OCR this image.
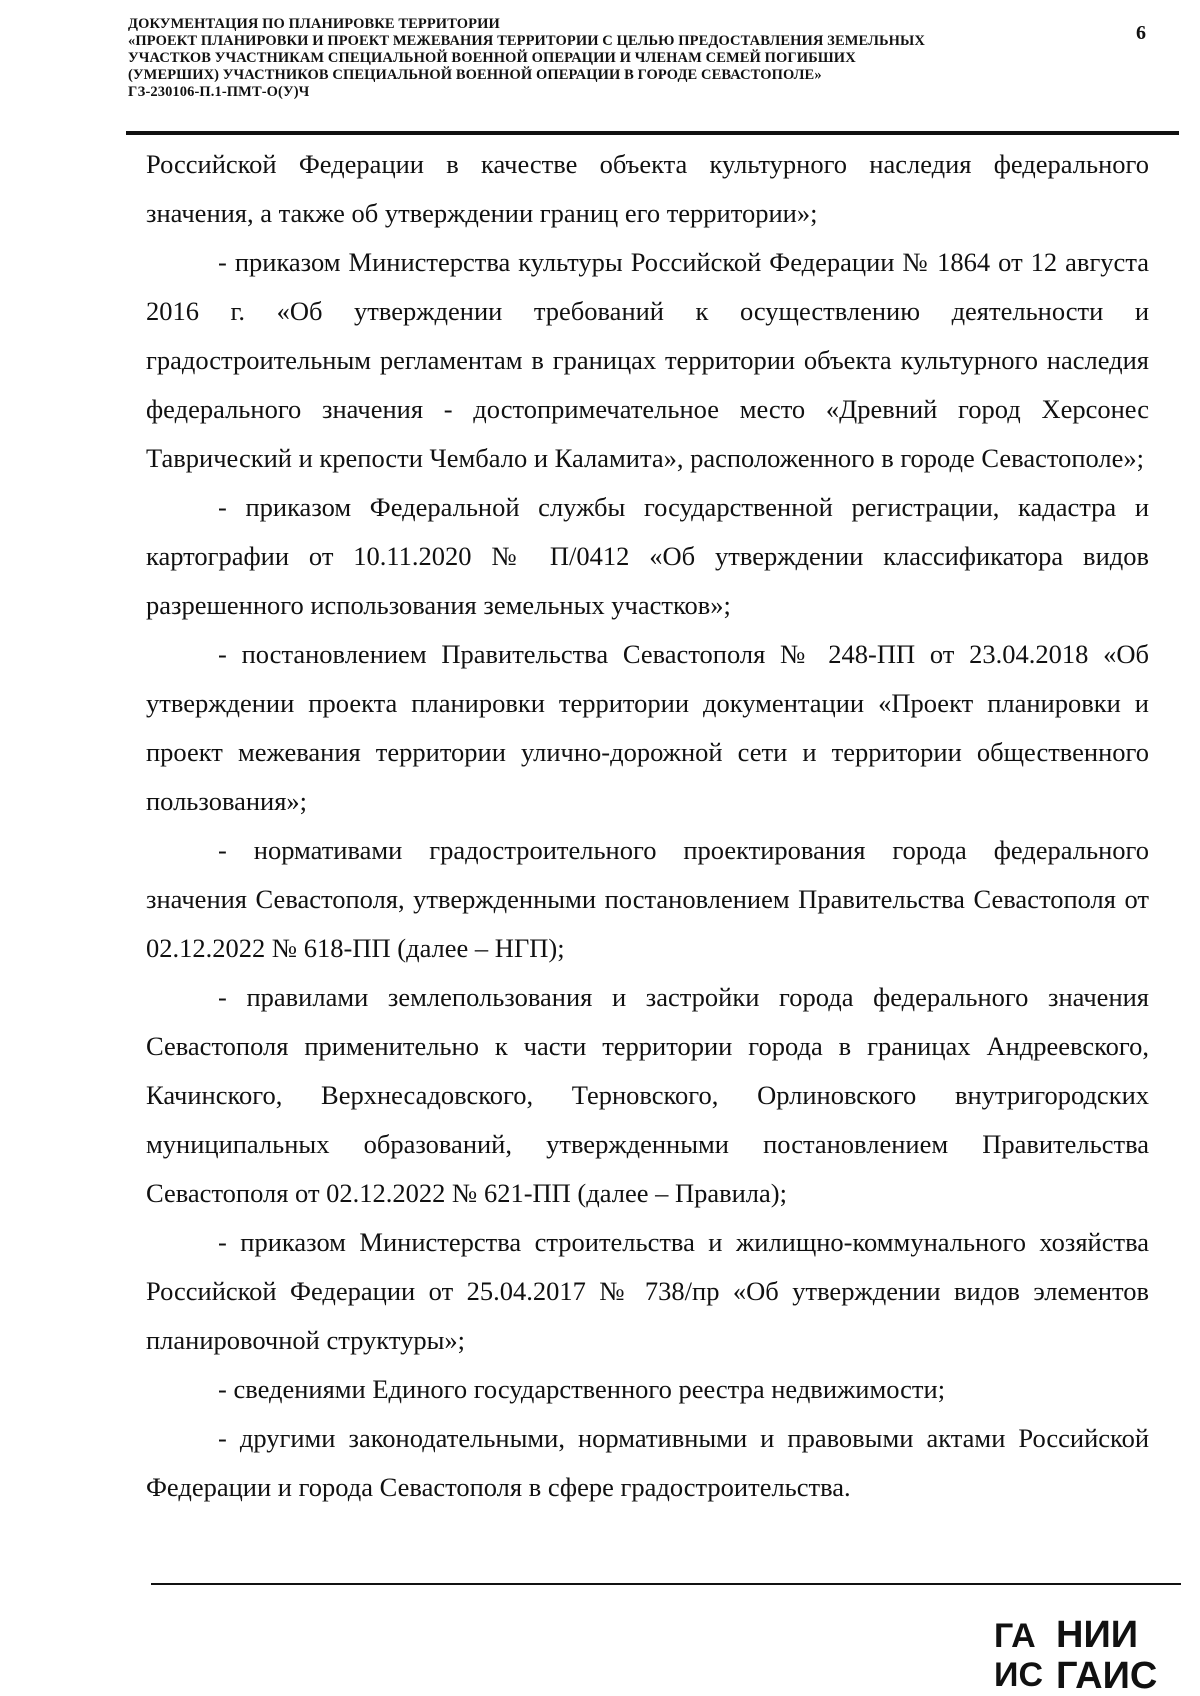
ДОКУМЕНТАЦИЯ ПО ПЛАНИРОВКЕ ТЕРРИТОРИИ
«ПРОЕКТ ПЛАНИРОВКИ И ПРОЕКТ МЕЖЕВАНИЯ ТЕРРИТОРИИ С ЦЕЛЬЮ ПРЕДОСТАВЛЕНИЯ ЗЕМЕЛЬНЫХ
УЧАСТКОВ УЧАСТНИКАМ СПЕЦИАЛЬНОЙ ВОЕННОЙ ОПЕРАЦИИ И ЧЛЕНАМ СЕМЕЙ ПОГИБШИХ
(УМЕРШИХ) УЧАСТНИКОВ СПЕЦИАЛЬНОЙ ВОЕННОЙ ОПЕРАЦИИ В ГОРОДЕ СЕВАСТОПОЛЕ»
ГЗ-230106-П.1-ПМТ-О(У)Ч
6

Российской Федерации в качестве объекта культурного наследия федерального значения, а также об утверждении границ его территории»;

- приказом Министерства культуры Российской Федерации № 1864 от 12 августа 2016 г. «Об утверждении требований к осуществлению деятельности и градостроительным регламентам в границах территории объекта культурного наследия федерального значения - достопримечательное место «Древний город Херсонес Таврический и крепости Чембало и Каламита», расположенного в городе Севастополе»;

- приказом Федеральной службы государственной регистрации, кадастра и картографии от 10.11.2020 № П/0412 «Об утверждении классификатора видов разрешенного использования земельных участков»;

- постановлением Правительства Севастополя № 248-ПП от 23.04.2018 «Об утверждении проекта планировки территории документации «Проект планировки и проект межевания территории улично-дорожной сети и территории общественного пользования»;

- нормативами градостроительного проектирования города федерального значения Севастополя, утвержденными постановлением Правительства Севастополя от 02.12.2022 № 618-ПП (далее – НГП);

- правилами землепользования и застройки города федерального значения Севастополя применительно к части территории города в границах Андреевского, Качинского, Верхнесадовского, Терновского, Орлиновского внутригородских муниципальных образований, утвержденными постановлением Правительства Севастополя от 02.12.2022 № 621-ПП (далее – Правила);

- приказом Министерства строительства и жилищно-коммунального хозяйства Российской Федерации от 25.04.2017 № 738/пр «Об утверждении видов элементов планировочной структуры»;

- сведениями Единого государственного реестра недвижимости;

- другими законодательными, нормативными и правовыми актами Российской Федерации и города Севастополя в сфере градостроительства.

ГА
ИС
НИИ
ГАИС
